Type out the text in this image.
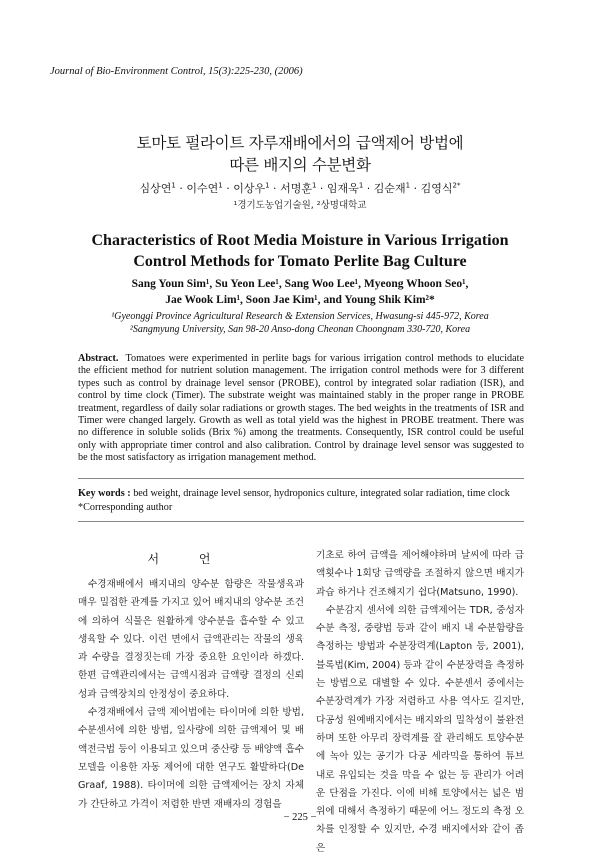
Journal of Bio-Environment Control, 15(3):225-230, (2006)
토마토 펄라이트 자루재배에서의 급액제어 방법에
따른 배지의 수분변화
심상연$^1$ · 이수연$^1$ · 이상우$^1$ · 서명훈$^1$ · 임재욱$^1$ · 김순재$^1$ · 김영식$^{2*}$
¹경기도농업기술원, ²상명대학교
Characteristics of Root Media Moisture in Various Irrigation
Control Methods for Tomato Perlite Bag Culture
Sang Youn Sim¹, Su Yeon Lee¹, Sang Woo Lee¹, Myeong Whoon Seo¹,
Jae Wook Lim¹, Soon Jae Kim¹, and Young Shik Kim²*
¹Gyeonggi Province Agricultural Research & Extension Services, Hwasung-si 445-972, Korea
²Sangmyung University, San 98-20 Anso-dong Cheonan Choongnam 330-720, Korea
Abstract. Tomatoes were experimented in perlite bags for various irrigation control methods to elucidate the efficient method for nutrient solution management. The irrigation control methods were for 3 different types such as control by drainage level sensor (PROBE), control by integrated solar radiation (ISR), and control by time clock (Timer). The substrate weight was maintained stably in the proper range in PROBE treatment, regardless of daily solar radiations or growth stages. The bed weights in the treatments of ISR and Timer were changed largely. Growth as well as total yield was the highest in PROBE treatment. There was no difference in soluble solids (Brix %) among the treatments. Consequently, ISR control could be useful only with appropriate timer control and also calibration. Control by drainage level sensor was suggested to be the most satisfactory as irrigation management method.
Key words : bed weight, drainage level sensor, hydroponics culture, integrated solar radiation, time clock
*Corresponding author
서 언

수경재배에서 배지내의 양수분 함량은 작물생육과 매우 밀접한 관계를 가지고 있어 배지내의 양수분 조건에 의하여 식물은 원활하게 양수분을 흡수할 수 있고 생육할 수 있다. 이런 면에서 급액관리는 작물의 생육과 수량을 결정짓는데 가장 중요한 요인이라 하겠다. 한편 급액관리에서는 급액시점과 급액량 결정의 신뢰성과 급액장치의 안정성이 중요하다.

수경재배에서 급액 제어법에는 타이머에 의한 방법, 수분센서에 의한 방법, 일사량에 의한 급액제어 및 배액전극법 등이 이용되고 있으며 중산량 등 배양액 흡수 모델을 이용한 자동 제어에 대한 연구도 활발하다(De Graaf, 1988). 타이머에 의한 급액제어는 장치 자체가 간단하고 가격이 저렴한 반면 재배자의 경험을

기초로 하여 급액을 제어해야하며 날씨에 따라 급액횟수나 1회당 급액량을 조절하지 않으면 배지가 과습 하거나 건조해지기 쉽다(Matsuno, 1990).

수분감지 센서에 의한 급액제어는 TDR, 중성자 수분 측정, 중량법 등과 같이 배지 내 수분함량을 측정하는 방법과 수분장력계(Lapton 등, 2001), 블록법(Kim, 2004) 등과 같이 수분장력을 측정하는 방법으로 대별할 수 있다. 수분센서 중에서는 수분장력계가 가장 저렴하고 사용 역사도 길지만, 다공성 원예배지에서는 배지와의 밀착성이 불완전하며 또한 아무리 장력계를 잘 관리해도 토양수분에 녹아 있는 공기가 다공 세라믹을 통하여 튜브 내로 유입되는 것을 막을 수 없는 등 관리가 어려운 단점을 가진다. 이에 비해 토양에서는 넓은 범위에 대해서 측정하기 때문에 어느 정도의 측정 오차를 인정할 수 있지만, 수경 배지에서와 같이 좁은

− 225 −
